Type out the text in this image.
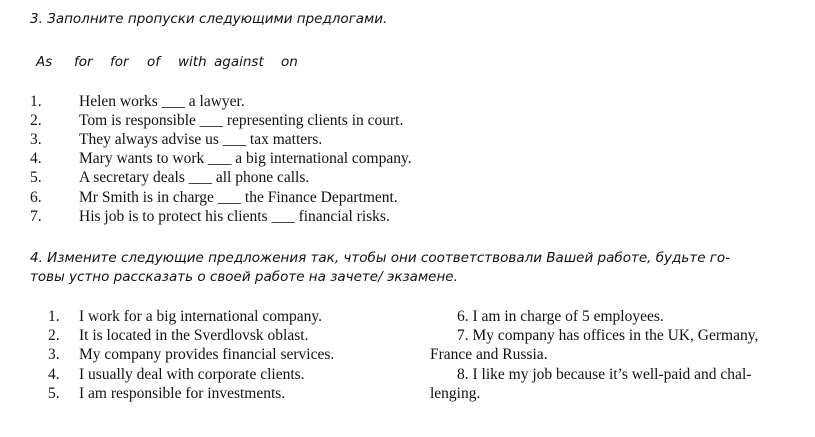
3. Заполните пропуски следующими предлогами.
As for for of with against on
1. Helen works ___ a lawyer.
2. Tom is responsible ___ representing clients in court.
3. They always advise us ___ tax matters.
4. Mary wants to work ___ a big international company.
5. A secretary deals ___ all phone calls.
6. Mr Smith is in charge ___ the Finance Department.
7. His job is to protect his clients ___ financial risks.
4. Измените следующие предложения так, чтобы они соответствовали Вашей работе, будьте го-
товы устно рассказать о своей работе на зачете/ экзамене.
1. I work for a big international company.
2. It is located in the Sverdlovsk oblast.
3. My company provides financial services.
4. I usually deal with corporate clients.
5. I am responsible for investments.
6. I am in charge of 5 employees.
7. My company has offices in the UK, Germany,
France and Russia.
8. I like my job because it’s well-paid and chal-
lenging.
